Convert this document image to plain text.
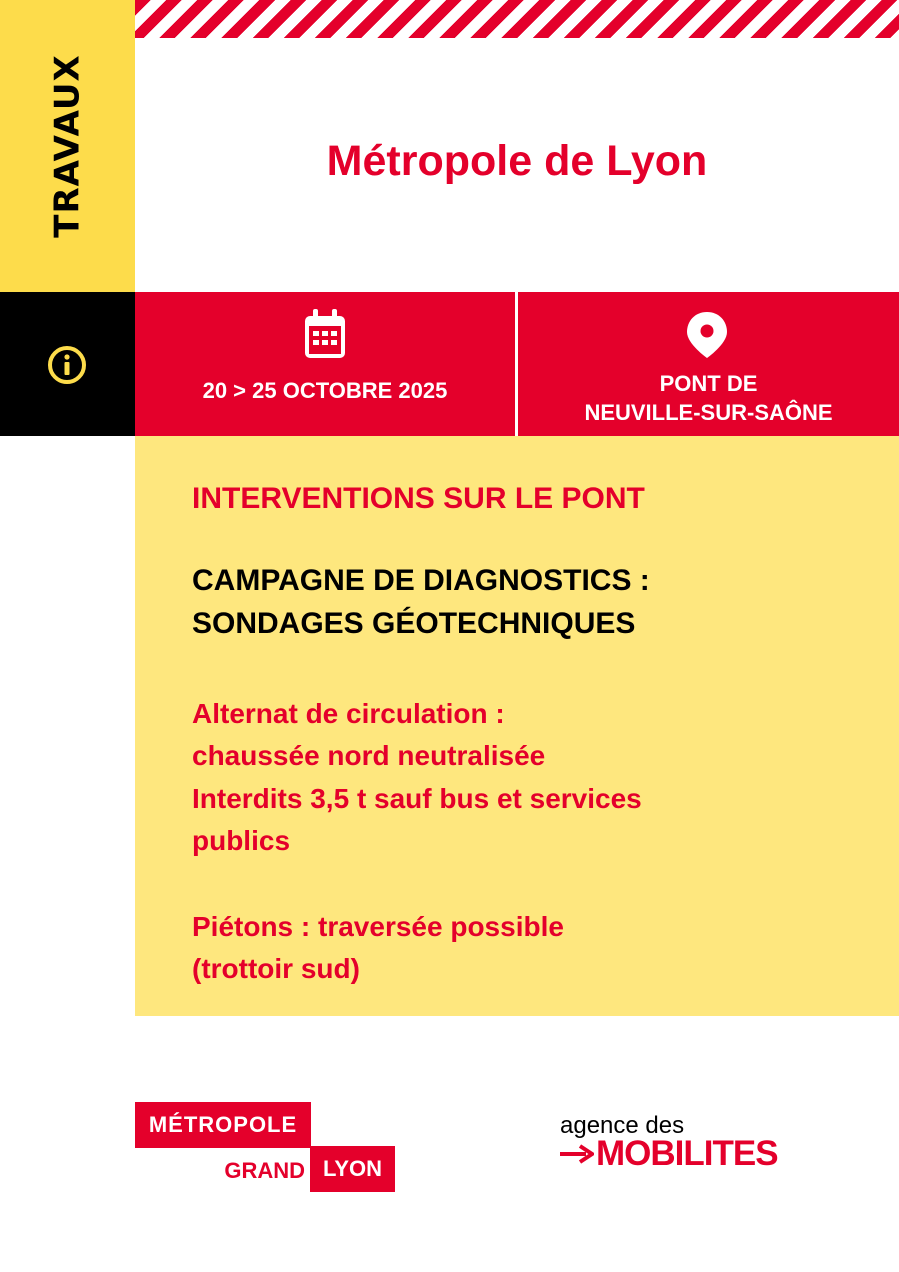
TRAVAUX	Métropole de Lyon
20 > 25 OCTOBRE 2025	PONT DE
NEUVILLE-SUR-SAÔNE

INTERVENTIONS SUR LE PONT

CAMPAGNE DE DIAGNOSTICS :

SONDAGES GÉOTECHNIQUES

Alternat de circulation :

chaussée nord neutralisée

Interdits 3,5 t sauf bus et services

publics

Piétons : traversée possible

(trottoir sud)

MÉTROPOLE
GRAND LYON

agence des

MOBILITES
